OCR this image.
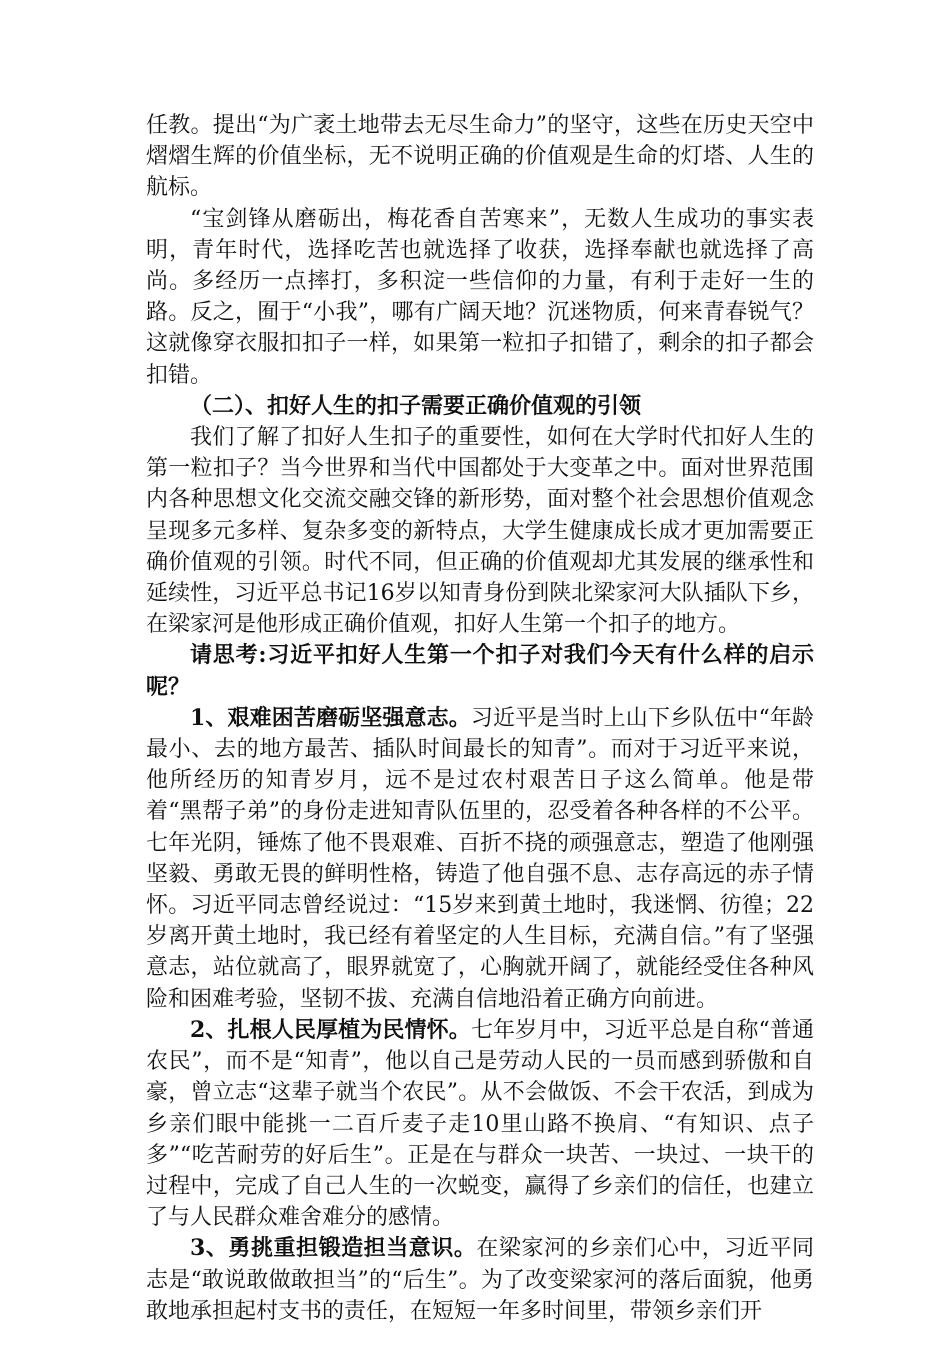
任教。提出“为广袤土地带去无尽生命力”的坚守，这些在历史天空中熠熠生辉的价值坐标，无不说明正确的价值观是生命的灯塔、人生的航标。

“宝剑锋从磨砺出，梅花香自苦寒来”，无数人生成功的事实表明，青年时代，选择吃苦也就选择了收获，选择奉献也就选择了高尚。多经历一点摔打，多积淀一些信仰的力量，有利于走好一生的路。反之，囿于“小我”，哪有广阔天地？沉迷物质，何来青春锐气？这就像穿衣服扣扣子一样，如果第一粒扣子扣错了，剩余的扣子都会扣错。

（二）、扣好人生的扣子需要正确价值观的引领

我们了解了扣好人生扣子的重要性，如何在大学时代扣好人生的第一粒扣子？当今世界和当代中国都处于大变革之中。面对世界范围内各种思想文化交流交融交锋的新形势，面对整个社会思想价值观念呈现多元多样、复杂多变的新特点，大学生健康成长成才更加需要正确价值观的引领。时代不同，但正确的价值观却尤其发展的继承性和延续性，习近平总书记16岁以知青身份到陕北梁家河大队插队下乡，在梁家河是他形成正确价值观，扣好人生第一个扣子的地方。

请思考:习近平扣好人生第一个扣子对我们今天有什么样的启示呢？

1、艰难困苦磨砺坚强意志。习近平是当时上山下乡队伍中“年龄最小、去的地方最苦、插队时间最长的知青”。而对于习近平来说，他所经历的知青岁月，远不是过农村艰苦日子这么简单。他是带着“黑帮子弟”的身份走进知青队伍里的，忍受着各种各样的不公平。七年光阴，锤炼了他不畏艰难、百折不挠的顽强意志，塑造了他刚强坚毅、勇敢无畏的鲜明性格，铸造了他自强不息、志存高远的赤子情怀。习近平同志曾经说过：“15岁来到黄土地时，我迷惘、彷徨；22岁离开黄土地时，我已经有着坚定的人生目标，充满自信。”有了坚强意志，站位就高了，眼界就宽了，心胸就开阔了，就能经受住各种风险和困难考验，坚韧不拔、充满自信地沿着正确方向前进。

2、扎根人民厚植为民情怀。七年岁月中，习近平总是自称“普通农民”，而不是“知青”，他以自己是劳动人民的一员而感到骄傲和自豪，曾立志“这辈子就当个农民”。从不会做饭、不会干农活，到成为乡亲们眼中能挑一二百斤麦子走10里山路不换肩、“有知识、点子多”“吃苦耐劳的好后生”。正是在与群众一块苦、一块过、一块干的过程中，完成了自己人生的一次蜕变，赢得了乡亲们的信任，也建立了与人民群众难舍难分的感情。

3、勇挑重担锻造担当意识。在梁家河的乡亲们心中，习近平同志是“敢说敢做敢担当”的“后生”。为了改变梁家河的落后面貌，他勇敢地承担起村支书的责任，在短短一年多时间里，带领乡亲们开
